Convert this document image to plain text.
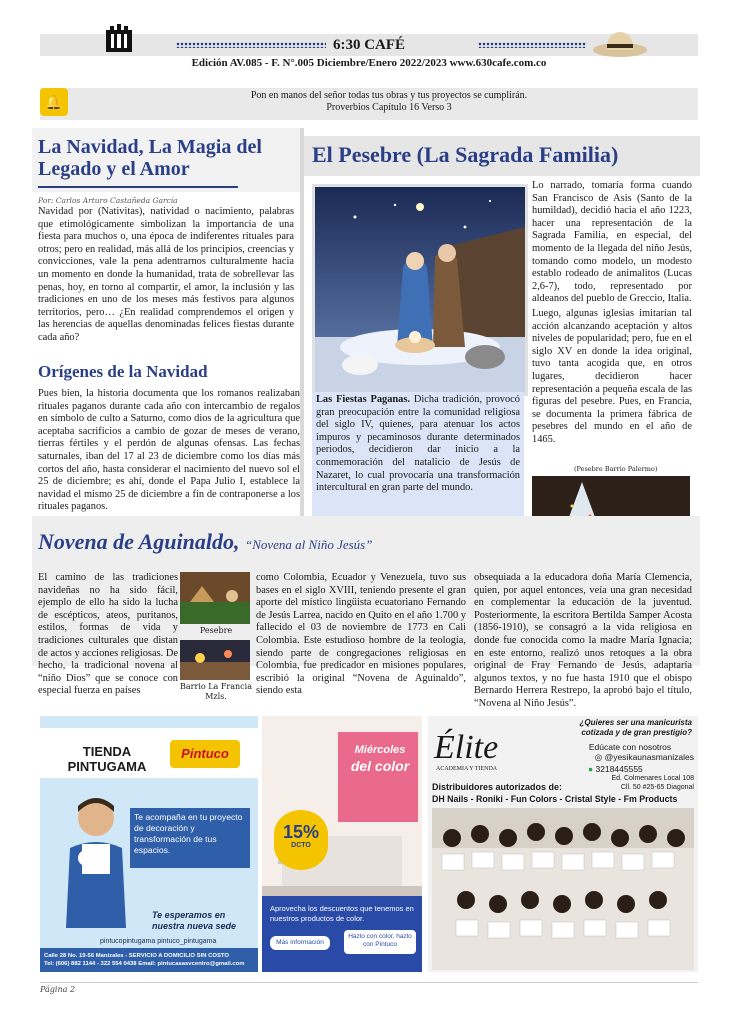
6:30 CAFÉ
Edición AV.085 - F. N°.005 Diciembre/Enero 2022/2023 www.630cafe.com.co
🔔	Pon en manos del señor todas tus obras y tus proyectos se cumplirán.
Proverbios Capítulo 16 Verso 3
La Navidad, La Magia del Legado y el Amor
Por: Carlos Arturo Castañeda García
Navidad por (Nativitas), natividad o nacimiento, palabras que etimológicamente simbolizan la importancia de una fiesta para muchos o, una época de indiferentes rituales para otros; pero en realidad, más allá de los principios, creencias y convicciones, vale la pena adentrarnos culturalmente hacia un momento en donde la humanidad, trata de sobrellevar las penas, hoy, en torno al compartir, el amor, la inclusión y las tradiciones en uno de los meses más festivos para algunos territorios, pero… ¿En realidad comprendemos el origen y las herencias de aquellas denominadas felices fiestas durante cada año?
Orígenes de la Navidad
Pues bien, la historia documenta que los romanos realizaban rituales paganos durante cada año con intercambio de regalos en símbolo de culto a Saturno, como dios de la agricultura que aceptaba sacrificios a cambio de gozar de meses de verano, tierras fértiles y el perdón de algunas ofensas. Las fechas saturnales, iban del 17 al 23 de diciembre como los días más cortos del año, hasta considerar el nacimiento del nuevo sol el 25 de diciembre; es ahí, donde el Papa Julio I, establece la navidad el mismo 25 de diciembre a fin de contraponerse a los rituales paganos.
El Pesebre (La Sagrada Familia)
Las Fiestas Paganas. Dicha tradición, provocó gran preocupación entre la comunidad religiosa del siglo IV, quienes, para atenuar los actos impuros y pecaminosos durante determinados periodos, decidieron dar inicio a la conmemoración del natalicio de Jesús de Nazaret, lo cual provocaría una transformación intercultural en gran parte del mundo.
Lo narrado, tomaría forma cuando San Francisco de Asis (Santo de la humildad), decidió hacia el año 1223, hacer una representación de la Sagrada Familia, en especial, del momento de la llegada del niño Jesús, tomando como modelo, un modesto establo rodeado de animalitos (Lucas 2,6-7), todo, representado por aldeanos del pueblo de Greccio, Italia.
Luego, algunas iglesias imitarían tal acción alcanzando aceptación y altos niveles de popularidad; pero, fue en el siglo XV en donde la idea original, tuvo tanta acogida que, en otros lugares, decidieron hacer representación a pequeña escala de las figuras del pesebre. Pues, en Francia, se documenta la primera fábrica de pesebres del mundo en el año de 1465.
(Pesebre Barrio Palermo)
Novena de Aguinaldo, “Novena al Niño Jesús”
El camino de las tradiciones navideñas no ha sido fácil, ejemplo de ello ha sido la lucha de escépticos, ateos, puritanos, estilos, formas de vida y tradiciones culturales que distan de actos y acciones religiosas. De hecho, la tradicional novena al “niño Dios” que se conoce con especial fuerza en países
Pesebre
Barrio La Francia Mzls.
como Colombia, Ecuador y Venezuela, tuvo sus bases en el siglo XVIII, teniendo presente el gran aporte del místico lingüista ecuatoriano Fernando de Jesús Larrea, nacido en Quito en el año 1.700 y fallecido el 03 de noviembre de 1773 en Cali Colombia. Este estudioso hombre de la teología, siendo parte de congregaciones religiosas en Colombia, fue predicador en misiones populares, escribió la original “Novena de Aguinaldo”, siendo esta
obsequiada a la educadora doña María Clemencia, quien, por aquel entonces, veía una gran necesidad en complementar la educación de la juventud. Posteriormente, la escritora Bertilda Samper Acosta (1856-1910), se consagró a la vida religiosa en donde fue conocida como la madre María Ignacia; en este entorno, realizó unos retoques a la obra original de Fray Fernando de Jesús, adaptaría algunos textos, y no fue hasta 1910 que el obispo Bernardo Herrera Restrepo, la aprobó bajo el título, “Novena al Niño Jesús”.
TIENDA
PINTUGAMA
Pintuco
Te acompaña en tu proyecto de decoración y transformación de tus espacios.
Te esperamos en nuestra nueva sede
pintucopintugama pintuco_pintugama
Calle 28 No. 19-56 Manizales - SERVICIO A DOMICILIO SIN COSTO
Tel: (606) 882 1144 - 322 554 0438 Email: pintucasasvcentro@gmail.com
Miércoles
del color
15%
DCTO
Aprovecha los descuentos que tenemos en nuestros productos de color.
Más información
Hazlo con color, hazlo con Pintuco
¿Quieres ser una manicurista cotizada y de gran prestigio?
Edúcate con nosotros
◎ @yesikaunasmanizales
● 3218445555
Élite
ACADEMIA Y TIENDA
Ed. Colmenares Local 108
Cll. 50 #25-65 Diagonal
Distribuidores autorizados de:
DH Nails - Roniki - Fun Colors - Cristal Style - Fm Products
Página 2
